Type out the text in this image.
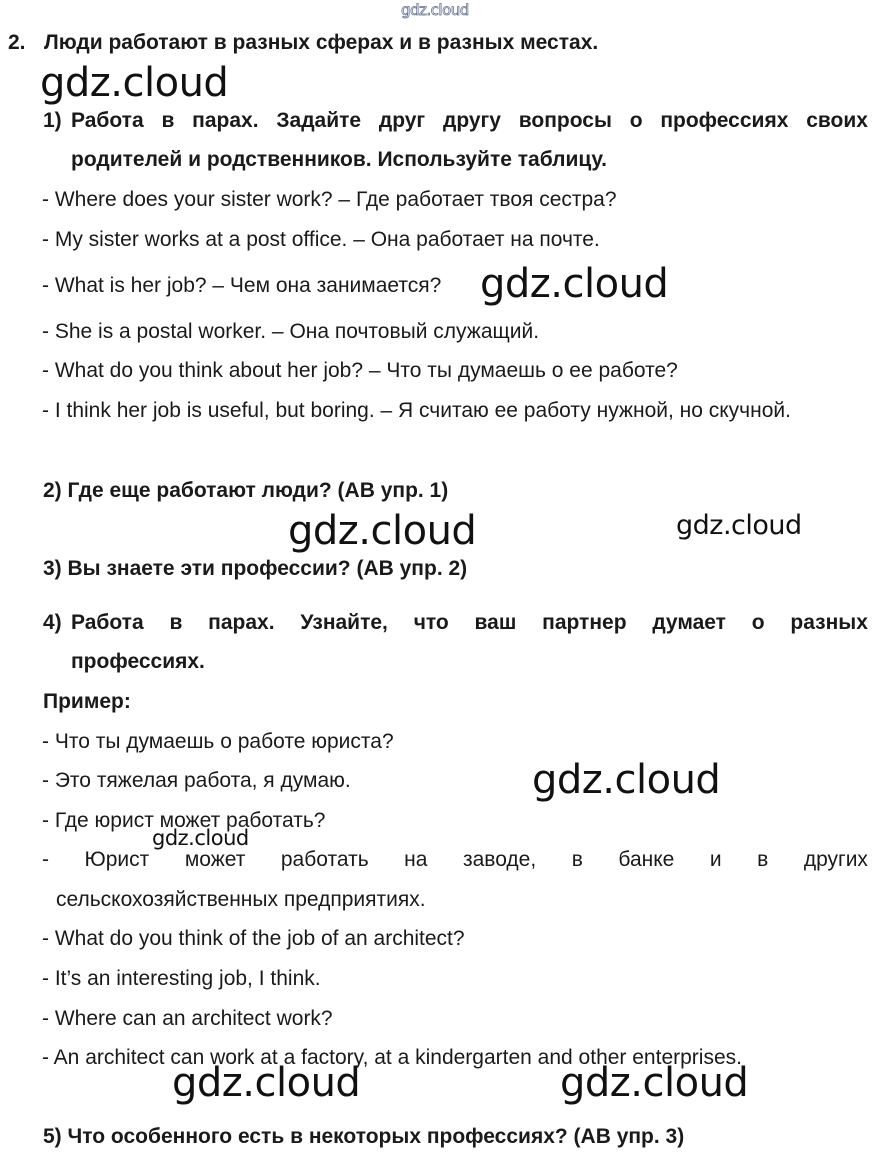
gdz.cloud
gdz.cloud
gdz.cloud
gdz.cloud	gdz.cloud
gdz.cloud
gdz.cloud
gdz.cloud	gdz.cloud
2. Люди работают в разных сферах и в разных местах.
1) Работа в парах. Задайте друг другу вопросы о профессиях своих
родителей и родственников. Используйте таблицу.
- Where does your sister work? – Где работает твоя сестра?
- My sister works at a post office. – Она работает на почте.
- What is her job? – Чем она занимается?
- She is a postal worker. – Она почтовый служащий.
- What do you think about her job? – Что ты думаешь о ее работе?
- I think her job is useful, but boring. – Я считаю ее работу нужной, но скучной.
2) Где еще работают люди? (АВ упр. 1)
3) Вы знаете эти профессии? (АВ упр. 2)
4) Работа в парах. Узнайте, что ваш партнер думает о разных
профессиях.
Пример:
- Что ты думаешь о работе юриста?
- Это тяжелая работа, я думаю.
- Где юрист может работать?
- Юрист может работать на заводе, в банке и в других
сельскохозяйственных предприятиях.
- What do you think of the job of an architect?
- It’s an interesting job, I think.
- Where can an architect work?
- An architect can work at a factory, at a kindergarten and other enterprises.
5) Что особенного есть в некоторых профессиях? (АВ упр. 3)
